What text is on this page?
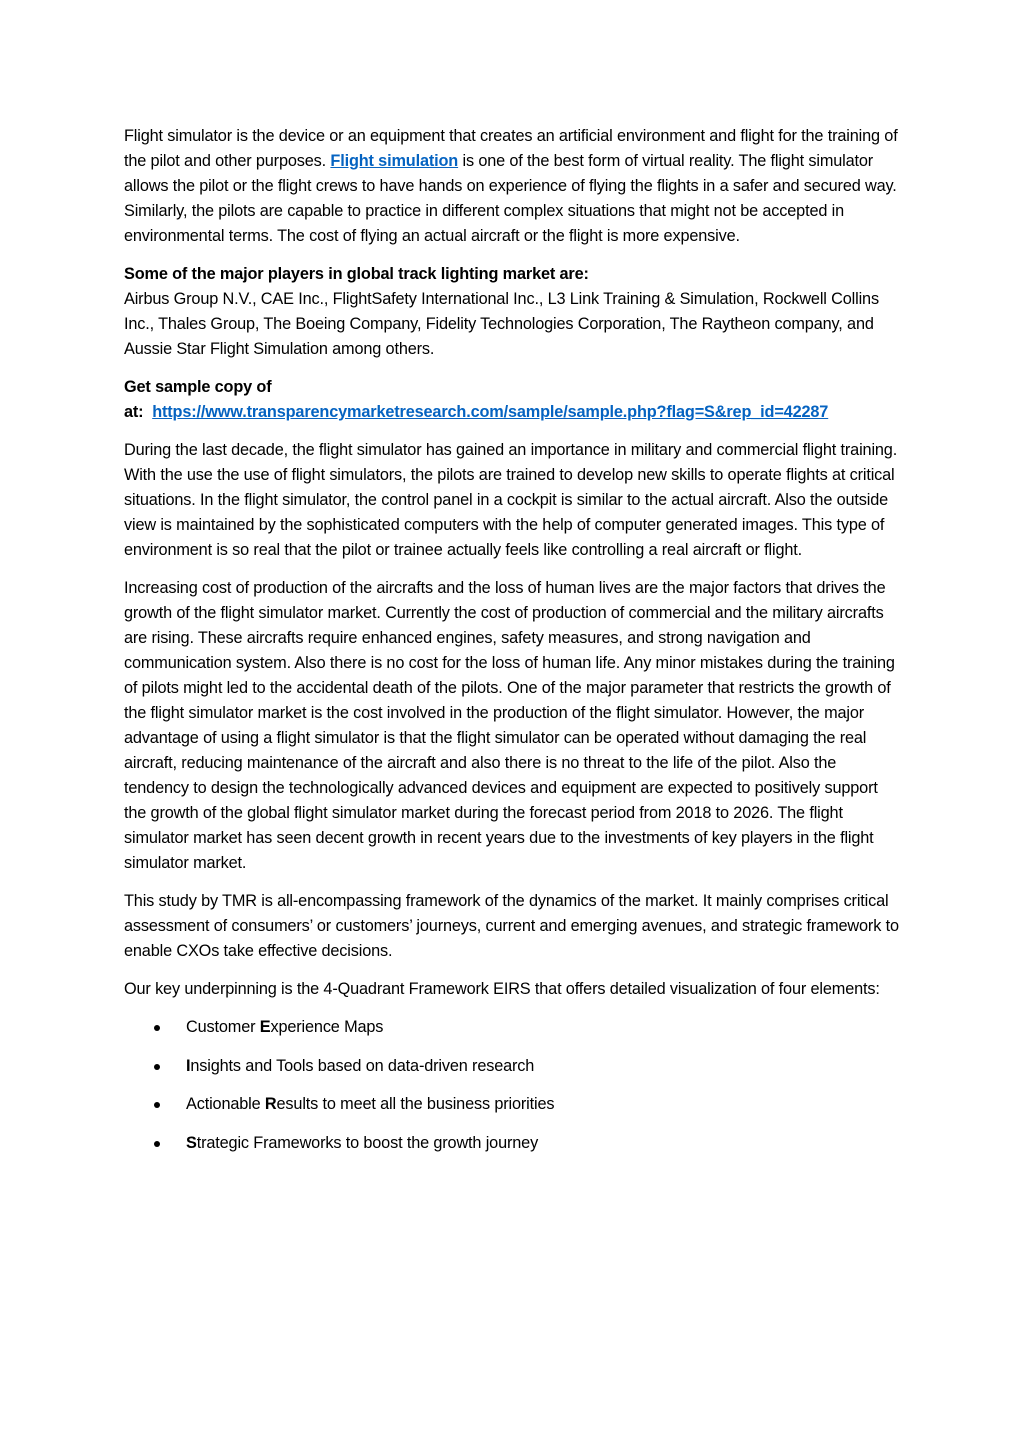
Flight simulator is the device or an equipment that creates an artificial environment and flight for the training of the pilot and other purposes. Flight simulation is one of the best form of virtual reality. The flight simulator allows the pilot or the flight crews to have hands on experience of flying the flights in a safer and secured way. Similarly, the pilots are capable to practice in different complex situations that might not be accepted in environmental terms. The cost of flying an actual aircraft or the flight is more expensive.

Some of the major players in global track lighting market are:
Airbus Group N.V., CAE Inc., FlightSafety International Inc., L3 Link Training & Simulation, Rockwell Collins Inc., Thales Group, The Boeing Company, Fidelity Technologies Corporation, The Raytheon company, and Aussie Star Flight Simulation among others.

Get sample copy of
at: https://www.transparencymarketresearch.com/sample/sample.php?flag=S&rep_id=42287

During the last decade, the flight simulator has gained an importance in military and commercial flight training. With the use the use of flight simulators, the pilots are trained to develop new skills to operate flights at critical situations. In the flight simulator, the control panel in a cockpit is similar to the actual aircraft. Also the outside view is maintained by the sophisticated computers with the help of computer generated images. This type of environment is so real that the pilot or trainee actually feels like controlling a real aircraft or flight.

Increasing cost of production of the aircrafts and the loss of human lives are the major factors that drives the growth of the flight simulator market. Currently the cost of production of commercial and the military aircrafts are rising. These aircrafts require enhanced engines, safety measures, and strong navigation and communication system. Also there is no cost for the loss of human life. Any minor mistakes during the training of pilots might led to the accidental death of the pilots. One of the major parameter that restricts the growth of the flight simulator market is the cost involved in the production of the flight simulator. However, the major advantage of using a flight simulator is that the flight simulator can be operated without damaging the real aircraft, reducing maintenance of the aircraft and also there is no threat to the life of the pilot. Also the tendency to design the technologically advanced devices and equipment are expected to positively support the growth of the global flight simulator market during the forecast period from 2018 to 2026. The flight simulator market has seen decent growth in recent years due to the investments of key players in the flight simulator market.

This study by TMR is all-encompassing framework of the dynamics of the market. It mainly comprises critical assessment of consumers’ or customers’ journeys, current and emerging avenues, and strategic framework to enable CXOs take effective decisions.

Our key underpinning is the 4-Quadrant Framework EIRS that offers detailed visualization of four elements:

Customer Experience Maps
Insights and Tools based on data-driven research
Actionable Results to meet all the business priorities
Strategic Frameworks to boost the growth journey
